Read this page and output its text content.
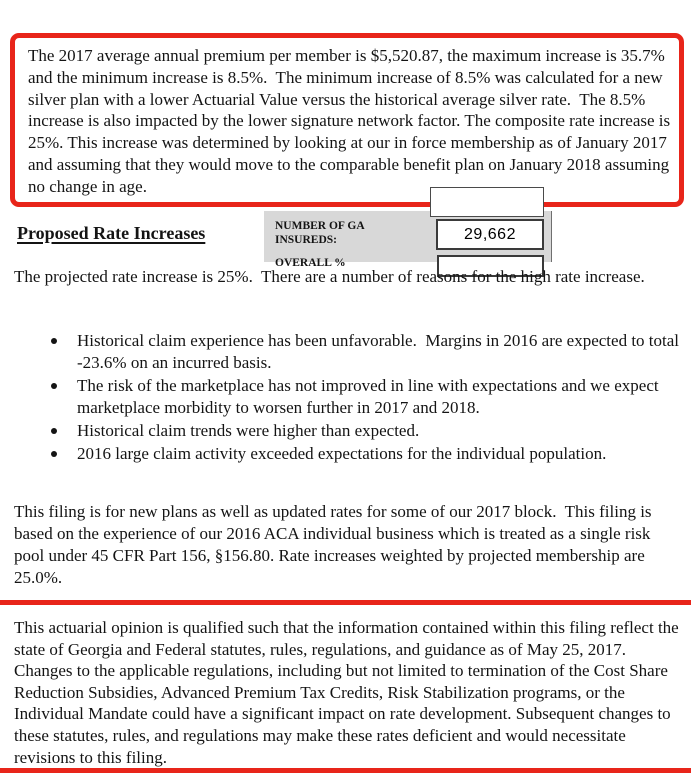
The 2017 average annual premium per member is $5,520.87, the maximum increase is 35.7% and the minimum increase is 8.5%.  The minimum increase of 8.5% was calculated for a new silver plan with a lower Actuarial Value versus the historical average silver rate.  The 8.5% increase is also impacted by the lower signature network factor. The composite rate increase is 25%. This increase was determined by looking at our in force membership as of January 2017 and assuming that they would move to the comparable benefit plan on January 2018 assuming no change in age.
Proposed Rate Increases	NUMBER OF GA INSUREDS:	29,662
OVERALL %
The projected rate increase is 25%.  There are a number of reasons for the high rate increase.
Historical claim experience has been unfavorable.  Margins in 2016 are expected to total -23.6% on an incurred basis.
The risk of the marketplace has not improved in line with expectations and we expect marketplace morbidity to worsen further in 2017 and 2018.
Historical claim trends were higher than expected.
2016 large claim activity exceeded expectations for the individual population.
This filing is for new plans as well as updated rates for some of our 2017 block.  This filing is based on the experience of our 2016 ACA individual business which is treated as a single risk pool under 45 CFR Part 156, §156.80. Rate increases weighted by projected membership are 25.0%.
This actuarial opinion is qualified such that the information contained within this filing reflect the state of Georgia and Federal statutes, rules, regulations, and guidance as of May 25, 2017.  Changes to the applicable regulations, including but not limited to termination of the Cost Share Reduction Subsidies, Advanced Premium Tax Credits, Risk Stabilization programs, or the Individual Mandate could have a significant impact on rate development. Subsequent changes to these statutes, rules, and regulations may make these rates deficient and would necessitate revisions to this filing.
